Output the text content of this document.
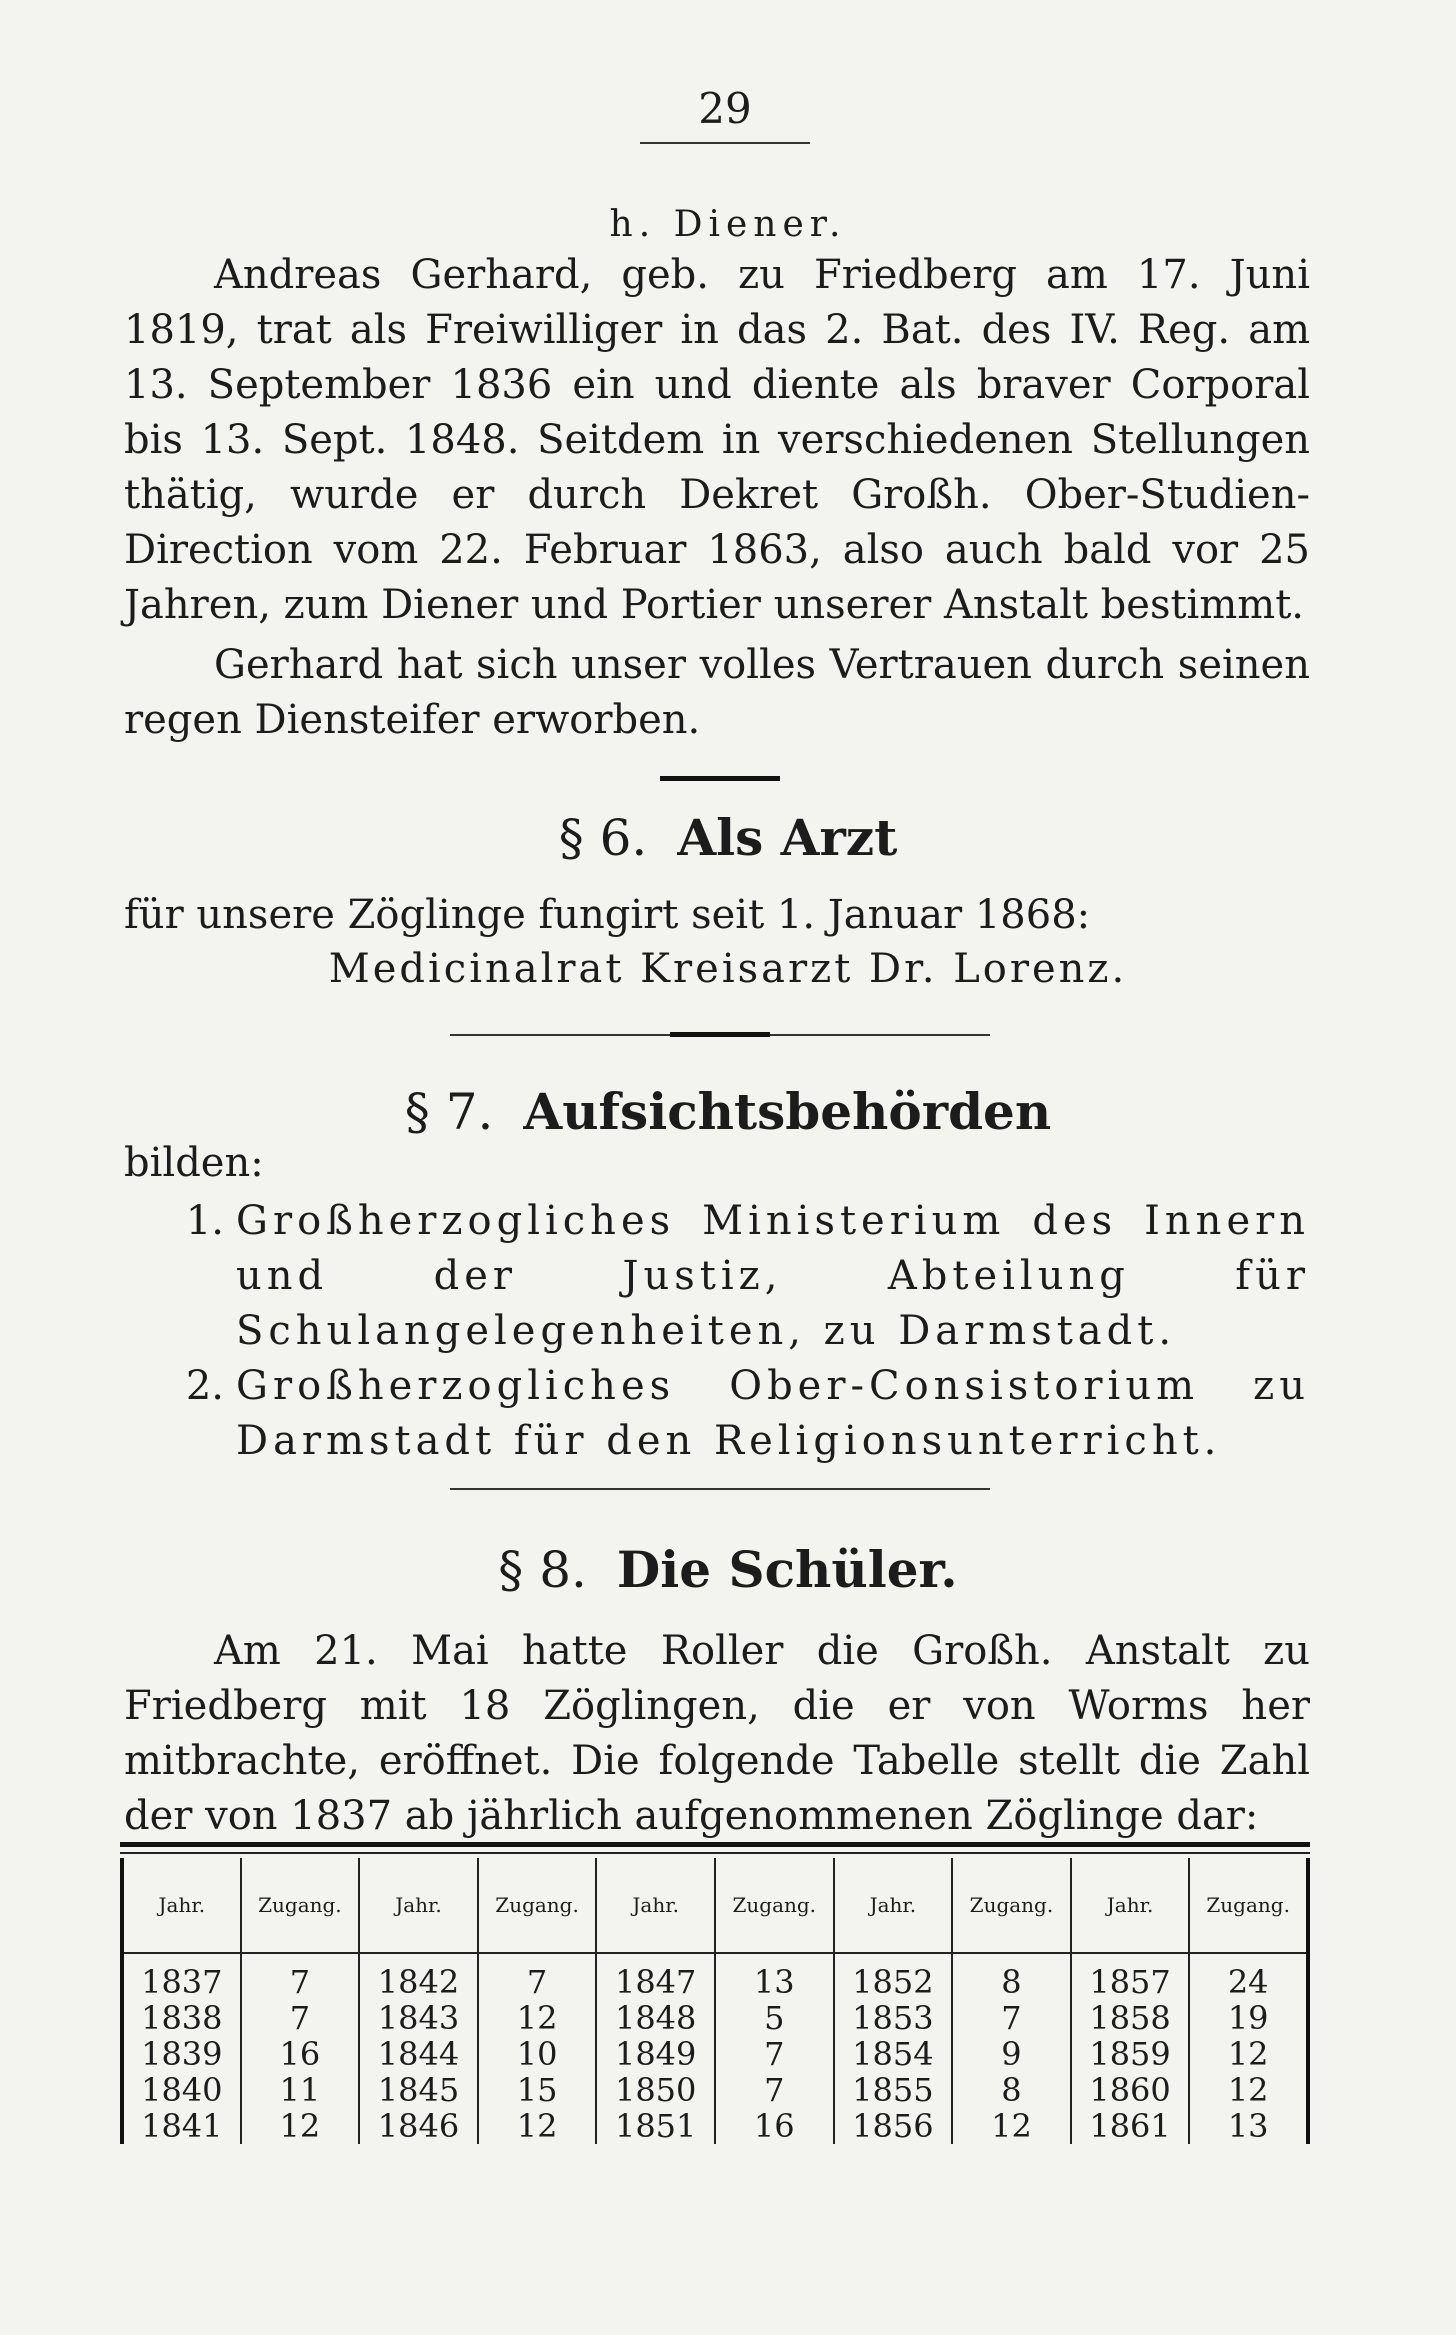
29
h. Diener.

Andreas Gerhard, geb. zu Friedberg am 17. Juni 1819, trat als Freiwilliger in das 2. Bat. des IV. Reg. am 13. September 1836 ein und diente als braver Corporal bis 13. Sept. 1848. Seitdem in verschiedenen Stellungen thätig, wurde er durch Dekret Großh. Ober-Studien-Direction vom 22. Februar 1863, also auch bald vor 25 Jahren, zum Diener und Portier unserer Anstalt bestimmt.

Gerhard hat sich unser volles Vertrauen durch seinen regen Diensteifer erworben.

§ 6. Als Arzt
für unsere Zöglinge fungirt seit 1. Januar 1868:
Medicinalrat Kreisarzt Dr. Lorenz.
§ 7. Aufsichtsbehörden
bilden:
1. Großherzogliches Ministerium des Innern und der Justiz, Abteilung für Schulangelegenheiten, zu Darmstadt.
2. Großherzogliches Ober-Consistorium zu Darmstadt für den Religionsunterricht.
§ 8. Die Schüler.

Am 21. Mai hatte Roller die Großh. Anstalt zu Friedberg mit 18 Zöglingen, die er von Worms her mitbrachte, eröffnet. Die folgende Tabelle stellt die Zahl der von 1837 ab jährlich aufgenommenen Zöglinge dar:

Jahr.	Zugang.	Jahr.	Zugang.	Jahr.	Zugang.	Jahr.	Zugang.	Jahr.	Zugang.
1837	7	1842	7	1847	13	1852	8	1857	24
1838	7	1843	12	1848	5	1853	7	1858	19
1839	16	1844	10	1849	7	1854	9	1859	12
1840	11	1845	15	1850	7	1855	8	1860	12
1841	12	1846	12	1851	16	1856	12	1861	13
